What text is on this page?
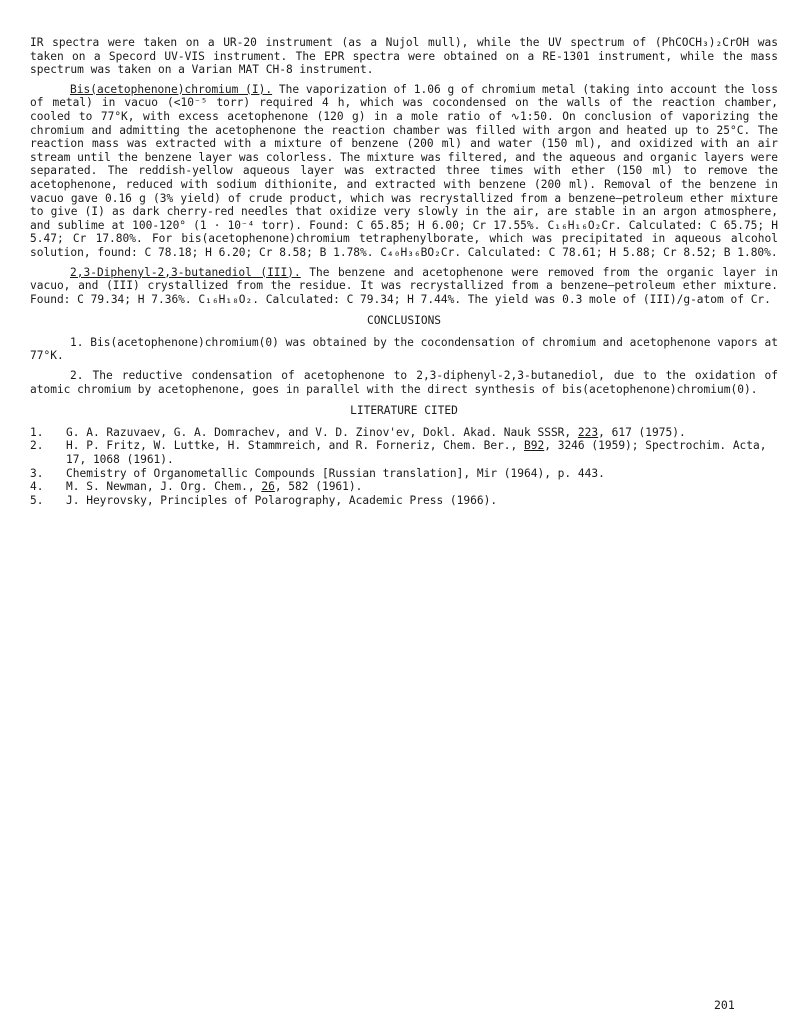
IR spectra were taken on a UR-20 instrument (as a Nujol mull), while the UV spectrum of (PhCOCH₃)₂CrOH was taken on a Specord UV-VIS instrument. The EPR spectra were obtained on a RE-1301 instrument, while the mass spectrum was taken on a Varian MAT CH-8 instrument.

Bis(acetophenone)chromium (I). The vaporization of 1.06 g of chromium metal (taking into account the loss of metal) in vacuo (<10⁻⁵ torr) required 4 h, which was cocondensed on the walls of the reaction chamber, cooled to 77°K, with excess acetophenone (120 g) in a mole ratio of ∿1:50. On conclusion of vaporizing the chromium and admitting the acetophenone the reaction chamber was filled with argon and heated up to 25°C. The reaction mass was extracted with a mixture of benzene (200 ml) and water (150 ml), and oxidized with an air stream until the benzene layer was colorless. The mixture was filtered, and the aqueous and organic layers were separated. The reddish-yellow aqueous layer was extracted three times with ether (150 ml) to remove the acetophenone, reduced with sodium dithionite, and extracted with benzene (200 ml). Removal of the benzene in vacuo gave 0.16 g (3% yield) of crude product, which was recrystallized from a benzene–petroleum ether mixture to give (I) as dark cherry-red needles that oxidize very slowly in the air, are stable in an argon atmosphere, and sublime at 100-120° (1 · 10⁻⁴ torr). Found: C 65.85; H 6.00; Cr 17.55%. C₁₆H₁₆O₂Cr. Calculated: C 65.75; H 5.47; Cr 17.80%. For bis(acetophenone)chromium tetraphenylborate, which was precipitated in aqueous alcohol solution, found: C 78.18; H 6.20; Cr 8.58; B 1.78%. C₄₀H₃₆BO₂Cr. Calculated: C 78.61; H 5.88; Cr 8.52; B 1.80%.

2,3-Diphenyl-2,3-butanediol (III). The benzene and acetophenone were removed from the organic layer in vacuo, and (III) crystallized from the residue. It was recrystallized from a benzene–petroleum ether mixture. Found: C 79.34; H 7.36%. C₁₆H₁₈O₂. Calculated: C 79.34; H 7.44%. The yield was 0.3 mole of (III)/g-atom of Cr.

CONCLUSIONS

1. Bis(acetophenone)chromium(0) was obtained by the cocondensation of chromium and acetophenone vapors at 77°K.

2. The reductive condensation of acetophenone to 2,3-diphenyl-2,3-butanediol, due to the oxidation of atomic chromium by acetophenone, goes in parallel with the direct synthesis of bis(acetophenone)chromium(0).

LITERATURE CITED
1.	G. A. Razuvaev, G. A. Domrachev, and V. D. Zinov'ev, Dokl. Akad. Nauk SSSR, 223, 617 (1975).
2.	H. P. Fritz, W. Luttke, H. Stammreich, and R. Forneriz, Chem. Ber., B92, 3246 (1959); Spectrochim. Acta, 17, 1068 (1961).
3.	Chemistry of Organometallic Compounds [Russian translation], Mir (1964), p. 443.
4.	M. S. Newman, J. Org. Chem., 26, 582 (1961).
5.	J. Heyrovsky, Principles of Polarography, Academic Press (1966).
201
